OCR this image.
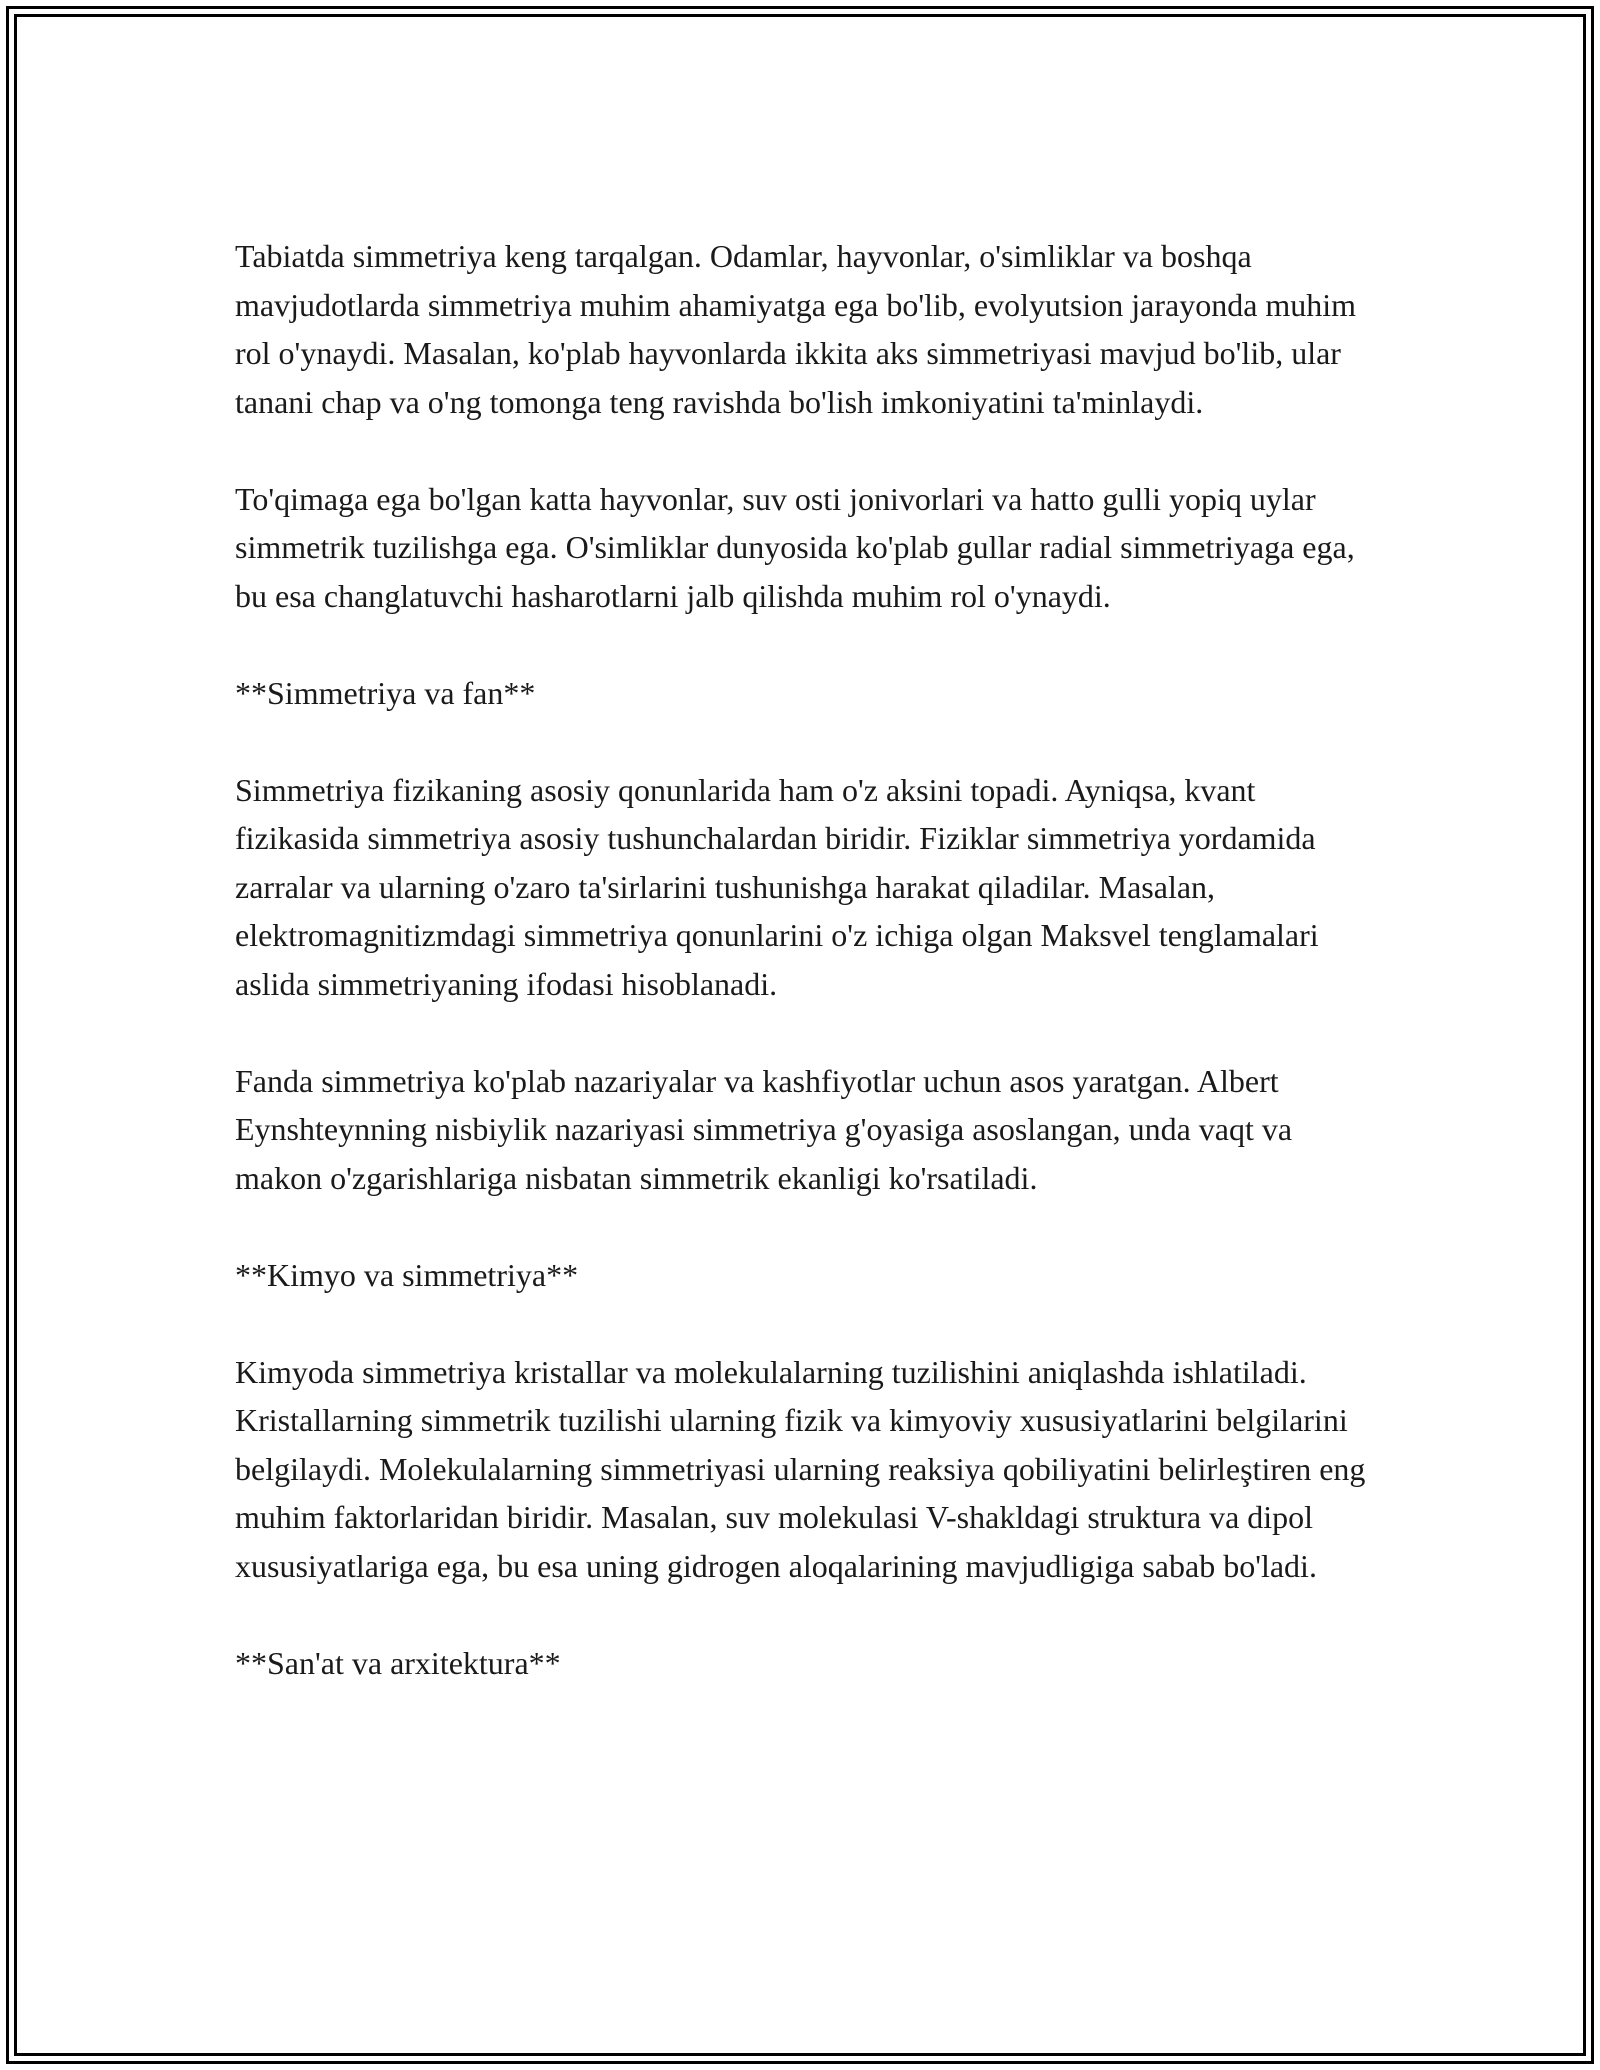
Tabiatda simmetriya keng tarqalgan. Odamlar, hayvonlar, o'simliklar va boshqa mavjudotlarda simmetriya muhim ahamiyatga ega bo'lib, evolyutsion jarayonda muhim rol o'ynaydi. Masalan, ko'plab hayvonlarda ikkita aks simmetriyasi mavjud bo'lib, ular tanani chap va o'ng tomonga teng ravishda bo'lish imkoniyatini ta'minlaydi.

To'qimaga ega bo'lgan katta hayvonlar, suv osti jonivorlari va hatto gulli yopiq uylar simmetrik tuzilishga ega. O'simliklar dunyosida ko'plab gullar radial simmetriyaga ega, bu esa changlatuvchi hasharotlarni jalb qilishda muhim rol o'ynaydi.

**Simmetriya va fan**

Simmetriya fizikaning asosiy qonunlarida ham o'z aksini topadi. Ayniqsa, kvant fizikasida simmetriya asosiy tushunchalardan biridir. Fiziklar simmetriya yordamida zarralar va ularning o'zaro ta'sirlarini tushunishga harakat qiladilar. Masalan, elektromagnitizmdagi simmetriya qonunlarini o'z ichiga olgan Maksvel tenglamalari aslida simmetriyaning ifodasi hisoblanadi.

Fanda simmetriya ko'plab nazariyalar va kashfiyotlar uchun asos yaratgan. Albert Eynshteynning nisbiylik nazariyasi simmetriya g'oyasiga asoslangan, unda vaqt va makon o'zgarishlariga nisbatan simmetrik ekanligi ko'rsatiladi.

**Kimyo va simmetriya**

Kimyoda simmetriya kristallar va molekulalarning tuzilishini aniqlashda ishlatiladi. Kristallarning simmetrik tuzilishi ularning fizik va kimyoviy xususiyatlarini belgilarini belgilaydi. Molekulalarning simmetriyasi ularning reaksiya qobiliyatini belirleştiren eng muhim faktorlaridan biridir. Masalan, suv molekulasi V-shakldagi struktura va dipol xususiyatlariga ega, bu esa uning gidrogen aloqalarining mavjudligiga sabab bo'ladi.

**San'at va arxitektura**
